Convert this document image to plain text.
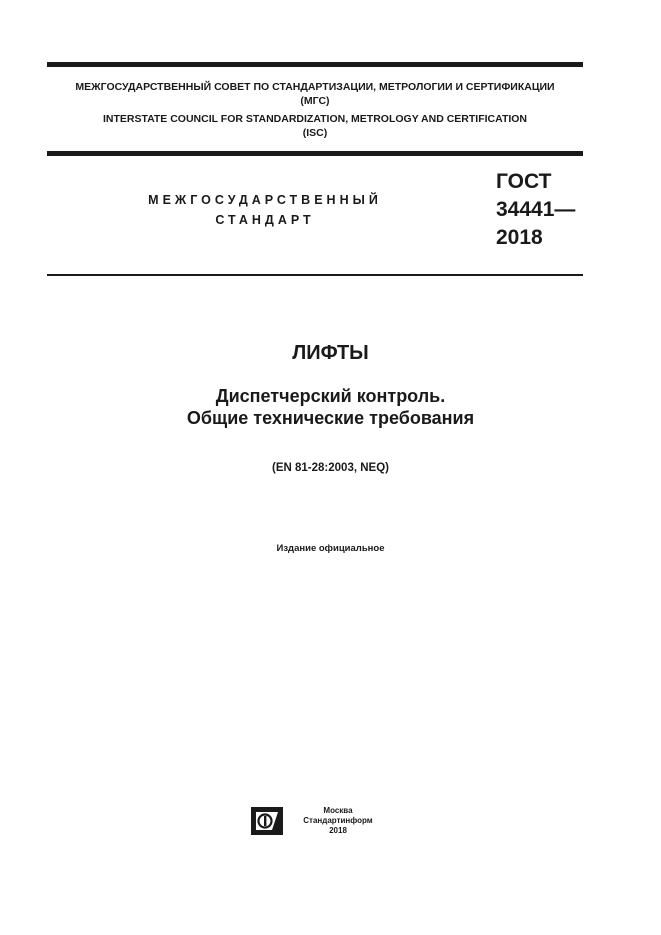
МЕЖГОСУДАРСТВЕННЫЙ СОВЕТ ПО СТАНДАРТИЗАЦИИ, МЕТРОЛОГИИ И СЕРТИФИКАЦИИ
(МГС)
INTERSTATE COUNCIL FOR STANDARDIZATION, METROLOGY AND CERTIFICATION
(ISC)
МЕЖГОСУДАРСТВЕННЫЙ
СТАНДАРТ
ГОСТ
34441—
2018
ЛИФТЫ
Диспетчерский контроль.
Общие технические требования
(EN 81-28:2003, NEQ)
Издание официальное
Москва
Стандартинформ
2018
